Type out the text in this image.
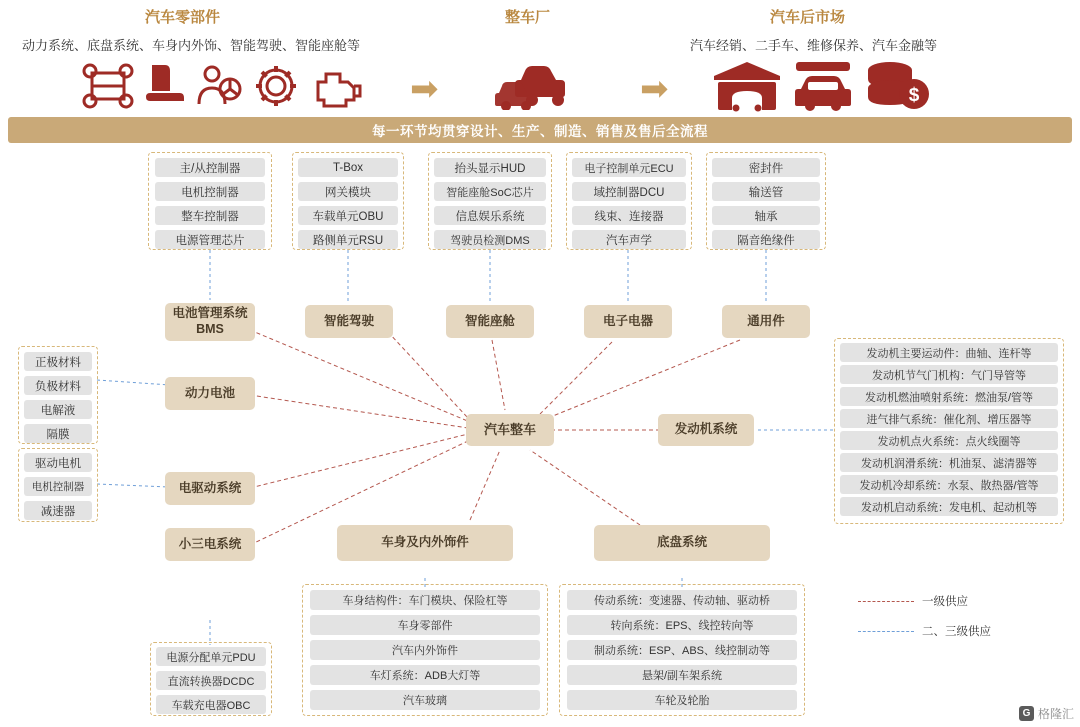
汽车零部件	整车厂	汽车后市场
动力系统、底盘系统、车身内外饰、智能驾驶、智能座舱等	汽车经销、二手车、维修保养、汽车金融等
➡	➡	$
每一环节均贯穿设计、生产、制造、销售及售后全流程
主/从控制器
电机控制器
整车控制器
电源管理芯片
T-Box
网关模块
车载单元OBU
路侧单元RSU
抬头显示HUD
智能座舱SoC芯片
信息娱乐系统
驾驶员检测DMS
电子控制单元ECU
域控制器DCU
线束、连接器
汽车声学
密封件
输送管
轴承
隔音绝缘件
电池管理系统BMS
智能驾驶	智能座舱	电子电器	通用件
正极材料
负极材料
电解液
隔膜
驱动电机
电机控制器
减速器
动力电池
电驱动系统
小三电系统
电源分配单元PDU
直流转换器DCDC
车载充电器OBC
汽车整车	发动机系统
发动机主要运动件：曲轴、连杆等
发动机节气门机构：气门导管等
发动机燃油喷射系统：燃油泵/管等
进气排气系统：催化剂、增压器等
发动机点火系统：点火线圈等
发动机润滑系统：机油泵、滤清器等
发动机冷却系统：水泵、散热器/管等
发动机启动系统：发电机、起动机等
车身及内外饰件
车身结构件：车门模块、保险杠等
车身零部件
汽车内外饰件
车灯系统：ADB大灯等
汽车玻璃
底盘系统
传动系统：变速器、传动轴、驱动桥
转向系统：EPS、线控转向等
制动系统：ESP、ABS、线控制动等
悬架/副车架系统
车轮及轮胎
一级供应
二、三级供应
G 格隆汇
